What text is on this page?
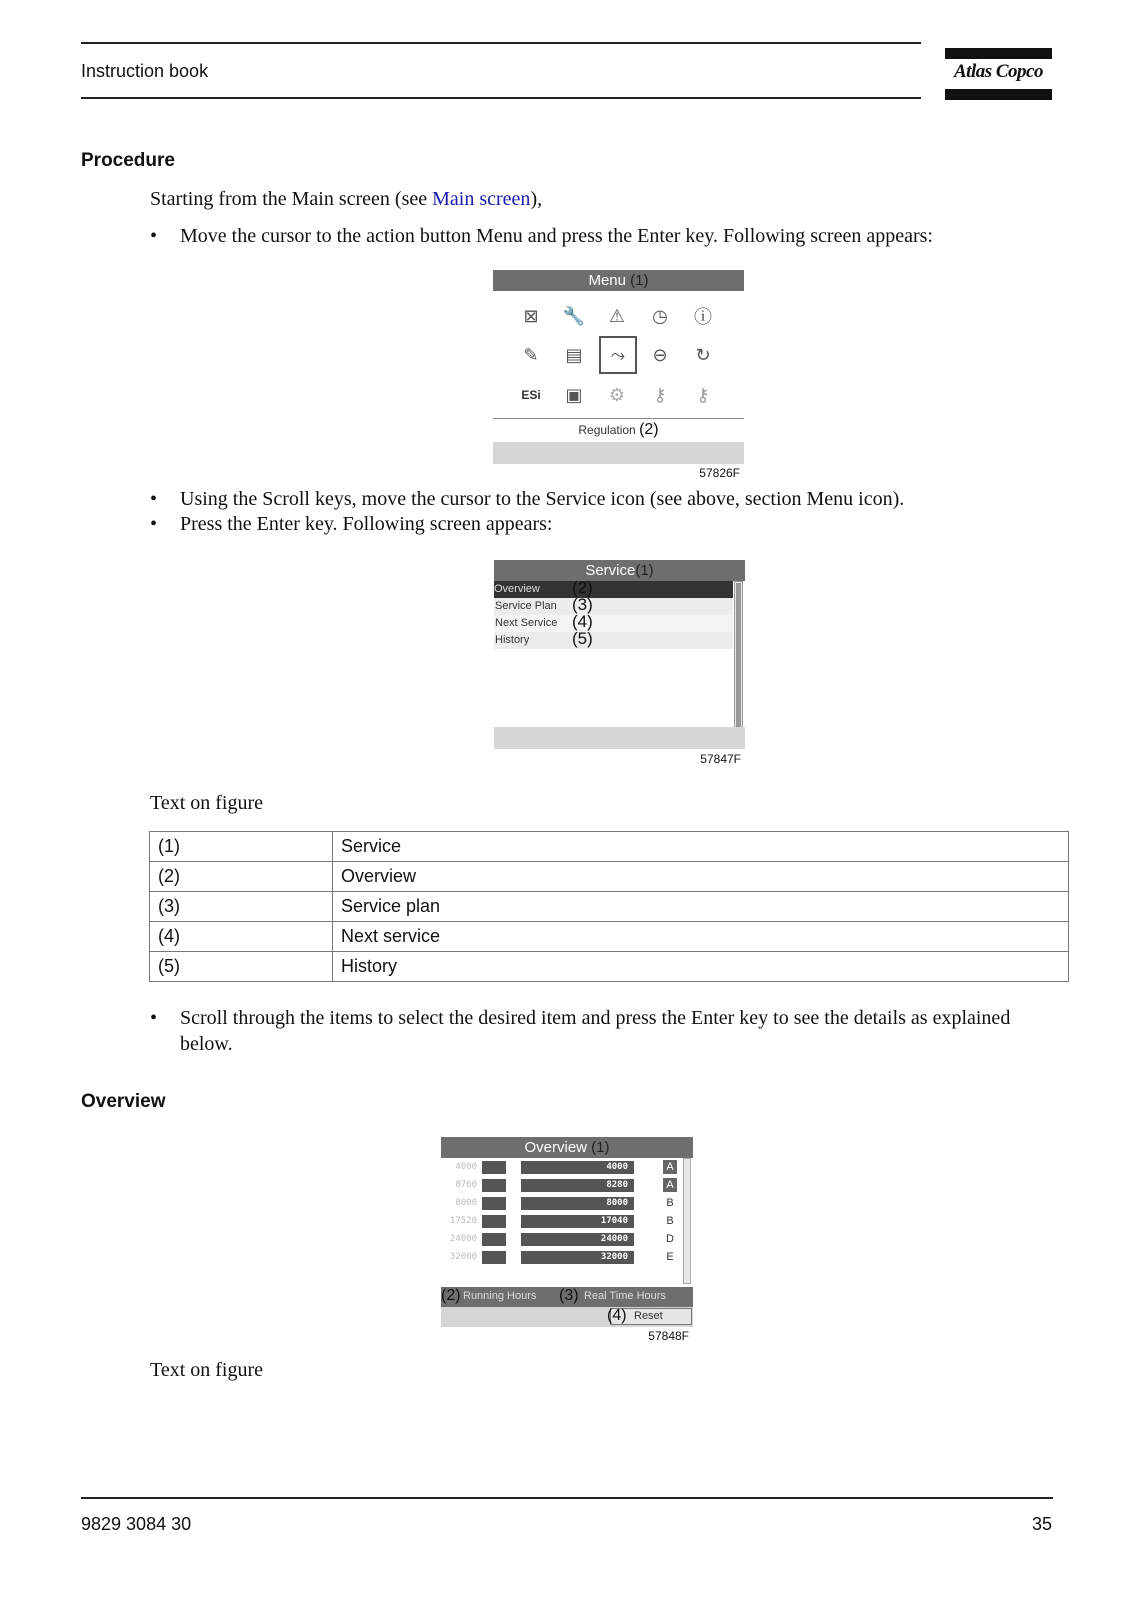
Instruction book	Atlas Copco
Procedure
Starting from the Main screen (see Main screen),
• Move the cursor to the action button Menu and press the Enter key. Following screen appears:
Menu (1)
⊠	🔧 ⚠ ◷ ⓘ
✎	▤	⤳	⊖	↻
ESi ▣ ⚙	⚷	⚷
Regulation (2)
57826F
• Using the Scroll keys, move the cursor to the Service icon (see above, section Menu icon).
• Press the Enter key. Following screen appears:
Service(1)
Overview (2)
Service Plan (3)
Next Service (4)
History	(5)
57847F
Text on figure
(1)	Service
(2)	Overview
(3)	Service plan
(4)	Next service
(5)	History
• Scroll through the items to select the desired item and press the Enter key to see the details as explained
below.
Overview
Overview (1)
4000	4000	A
8760	8280	A
8000	8000	B
17520	17040	B
24000	24000	D
32000	32000	E
(2) Running Hours (3) Real Time Hours
(4) Reset
57848F
Text on figure
9829 3084 30	35
